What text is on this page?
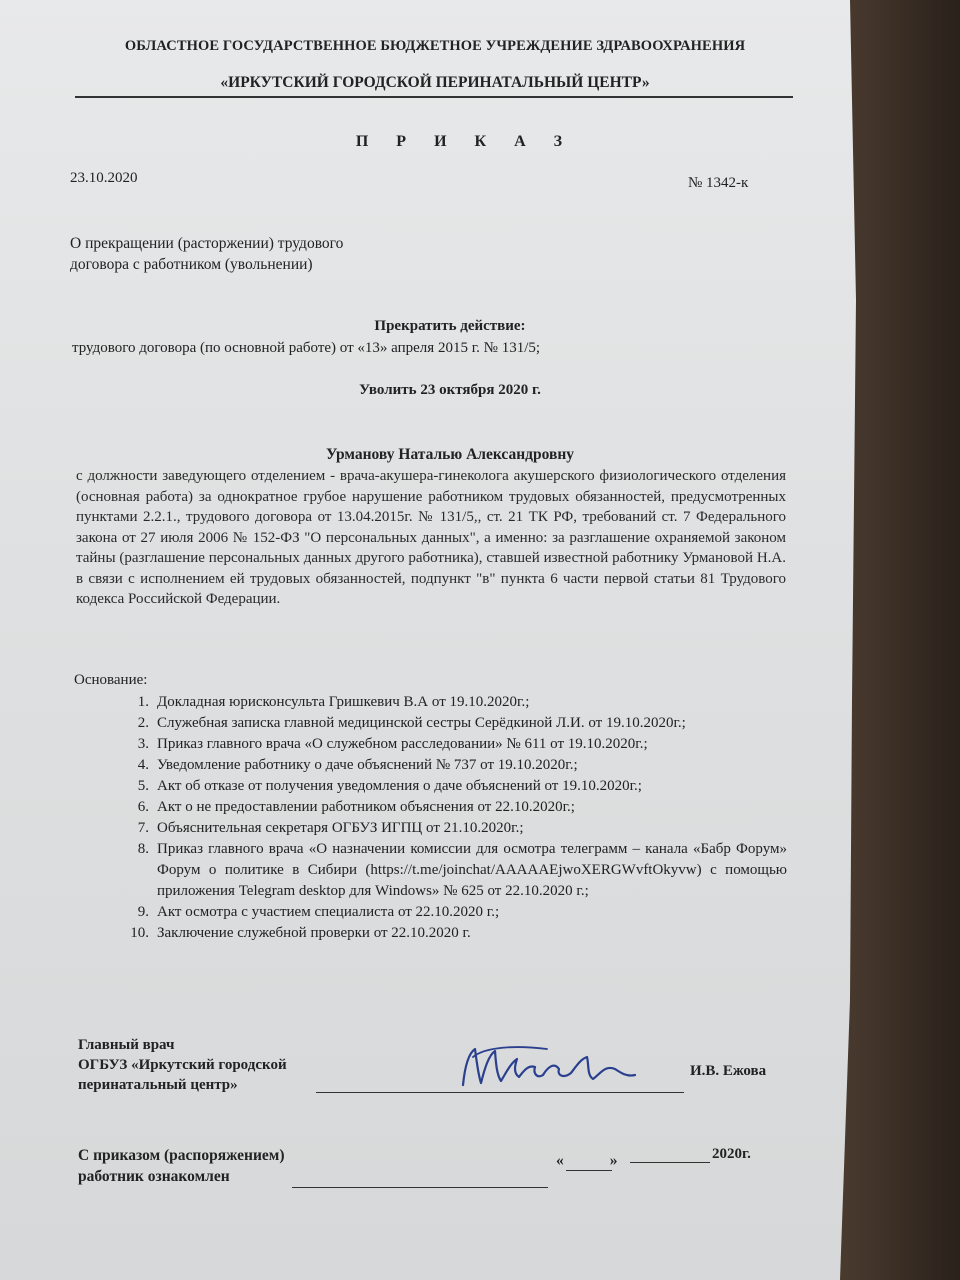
ОБЛАСТНОЕ ГОСУДАРСТВЕННОЕ БЮДЖЕТНОЕ УЧРЕЖДЕНИЕ ЗДРАВООХРАНЕНИЯ
«ИРКУТСКИЙ ГОРОДСКОЙ ПЕРИНАТАЛЬНЫЙ ЦЕНТР»
П Р И К А З
23.10.2020	№ 1342-к
О прекращении (расторжении) трудового
договора с работником (увольнении)
Прекратить действие:
трудового договора (по основной работе) от «13» апреля 2015 г. № 131/5;
Уволить 23 октября 2020 г.
Урманову Наталью Александровну
с должности заведующего отделением - врача-акушера-гинеколога акушерского физиологического отделения (основная работа) за однократное грубое нарушение работником трудовых обязанностей, предусмотренных пунктами 2.2.1., трудового договора от 13.04.2015г. № 131/5,, ст. 21 ТК РФ, требований ст. 7 Федерального закона от 27 июля 2006 № 152-ФЗ "О персональных данных", а именно: за разглашение охраняемой законом тайны (разглашение персональных данных другого работника), ставшей известной работнику Урмановой Н.А. в связи с исполнением ей трудовых обязанностей, подпункт "в" пункта 6 части первой статьи 81 Трудового кодекса Российской Федерации.
Основание:
1. Докладная юрисконсульта Гришкевич В.А от 19.10.2020г.;
2. Служебная записка главной медицинской сестры Серёдкиной Л.И. от 19.10.2020г.;
3. Приказ главного врача «О служебном расследовании» № 611 от 19.10.2020г.;
4. Уведомление работнику о даче объяснений № 737 от 19.10.2020г.;
5. Акт об отказе от получения уведомления о даче объяснений от 19.10.2020г.;
6. Акт о не предоставлении работником объяснения от 22.10.2020г.;
7. Объяснительная секретаря ОГБУЗ ИГПЦ от 21.10.2020г.;
8. Приказ главного врача «О назначении комиссии для осмотра телеграмм – канала «Бабр Форум» Форум о политике в Сибири (https://t.me/joinchat/AAAAAEjwoXERGWvftOkyvw) с помощью приложения Telegram desktop для Windows» № 625 от 22.10.2020 г.;
9. Акт осмотра с участием специалиста от 22.10.2020 г.;
10. Заключение служебной проверки от 22.10.2020 г.
Главный врач
ОГБУЗ «Иркутский городской
перинатальный центр»
И.В. Ежова
С приказом (распоряжением)
работник ознакомлен
«	»	2020г.
